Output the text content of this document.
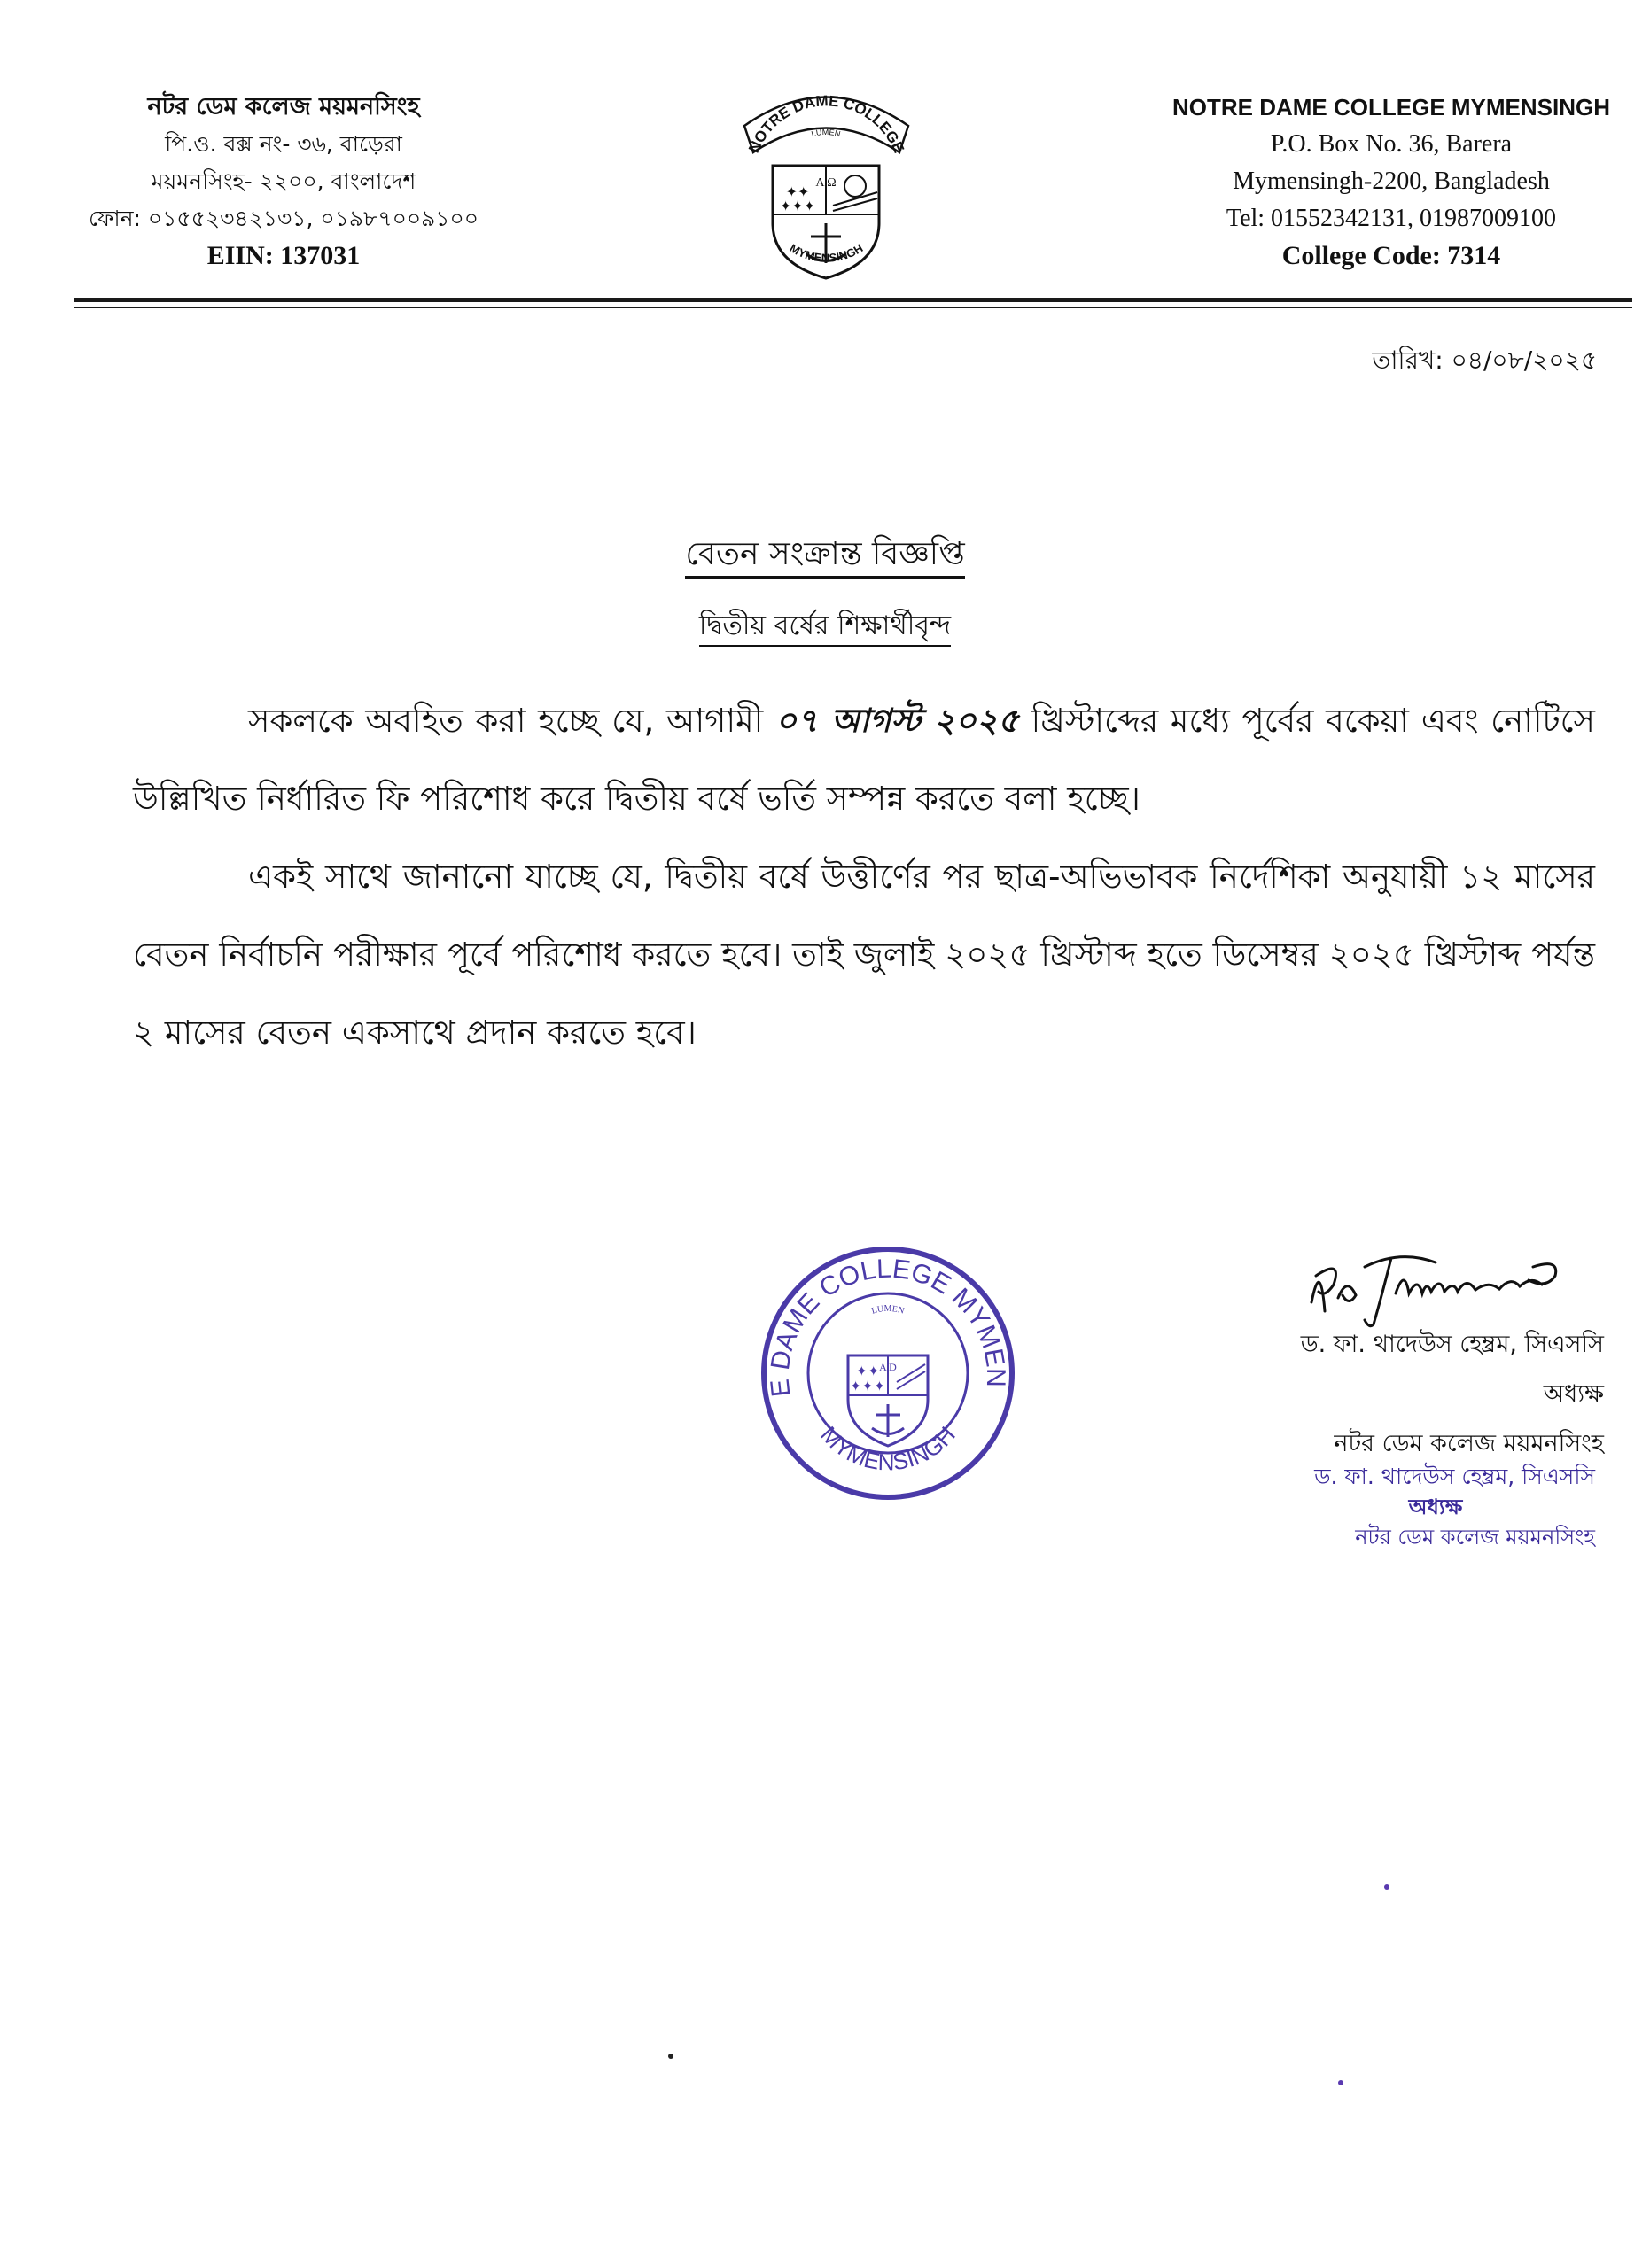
নটর ডেম কলেজ ময়মনসিংহ
পি.ও. বক্স নং- ৩৬, বাড়েরা
ময়মনসিংহ- ২২০০, বাংলাদেশ
ফোন: ০১৫৫২৩৪২১৩১, ০১৯৮৭০০৯১০০
EIIN: 137031
NOTRE DAME COLLEGE
LUMEN
A Ω
✦✦
✦✦✦
MYMENSINGH
NOTRE DAME COLLEGE MYMENSINGH
P.O. Box No. 36, Barera
Mymensingh-2200, Bangladesh
Tel: 01552342131, 01987009100
College Code: 7314
তারিখ: ০৪/০৮/২০২৫
বেতন সংক্রান্ত বিজ্ঞপ্তি
দ্বিতীয় বর্ষের শিক্ষার্থীবৃন্দ

সকলকে অবহিত করা হচ্ছে যে, আগামী ০৭ আগস্ট ২০২৫ খ্রিস্টাব্দের মধ্যে পূর্বের বকেয়া এবং নোটিসে উল্লিখিত নির্ধারিত ফি পরিশোধ করে দ্বিতীয় বর্ষে ভর্তি সম্পন্ন করতে বলা হচ্ছে।

একই সাথে জানানো যাচ্ছে যে, দ্বিতীয় বর্ষে উত্তীর্ণের পর ছাত্র-অভিভাবক নির্দেশিকা অনুযায়ী ১২ মাসের বেতন নির্বাচনি পরীক্ষার পূর্বে পরিশোধ করতে হবে। তাই জুলাই ২০২৫ খ্রিস্টাব্দ হতে ডিসেম্বর ২০২৫ খ্রিস্টাব্দ পর্যন্ত ২ মাসের বেতন একসাথে প্রদান করতে হবে।

E DAME COLLEGE MYMEN
MYMENSINGH
LUMEN
A D
✦✦
✦✦✦
ড. ফা. থাদেউস হেম্ব্রম, সিএসসি
অধ্যক্ষ
নটর ডেম কলেজ ময়মনসিংহ
ড. ফা. থাদেউস হেম্ব্রম, সিএসসি
অধ্যক্ষ
নটর ডেম কলেজ ময়মনসিংহ
